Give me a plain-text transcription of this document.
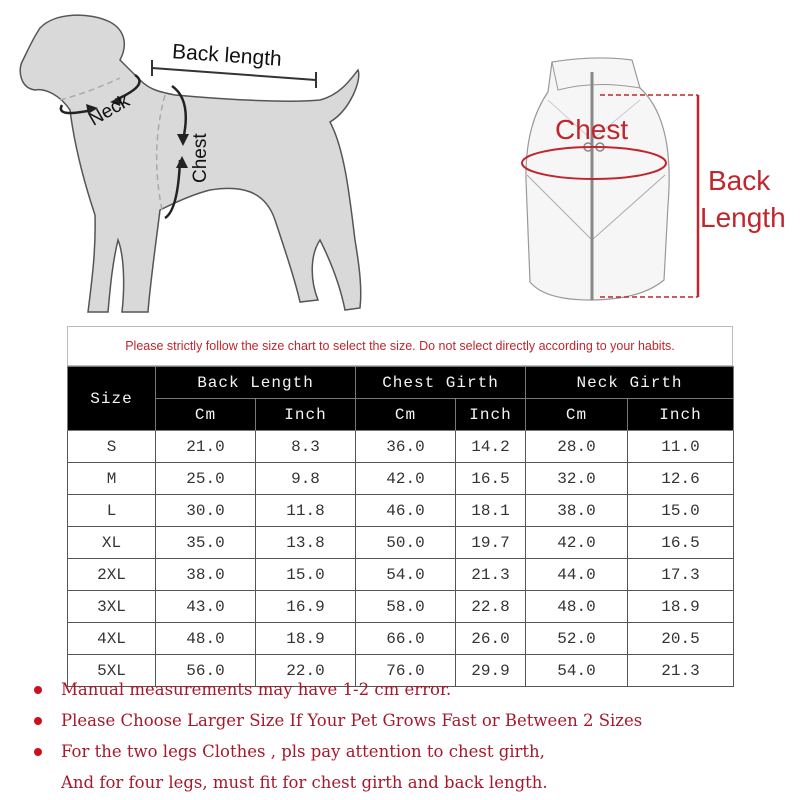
Back length
Neck
Chest
Chest
Back
Length
Please strictly follow the size chart to select the size. Do not select directly according to your habits.
Size	Back Length		Chest Girth		Neck Girth	
	Cm	Inch	Cm	Inch	Cm	Inch
S	21.0	8.3	36.0	14.2	28.0	11.0
M	25.0	9.8	42.0	16.5	32.0	12.6
L	30.0	11.8	46.0	18.1	38.0	15.0
XL	35.0	13.8	50.0	19.7	42.0	16.5
2XL	38.0	15.0	54.0	21.3	44.0	17.3
3XL	43.0	16.9	58.0	22.8	48.0	18.9
4XL	48.0	18.9	66.0	26.0	52.0	20.5
5XL	56.0	22.0	76.0	29.9	54.0	21.3
Manual measurements may have 1-2 cm error.
Please Choose Larger Size If Your Pet Grows Fast or Between 2 Sizes
For the two legs Clothes , pls pay attention to chest girth,
And for four legs, must fit for chest girth and back length.
